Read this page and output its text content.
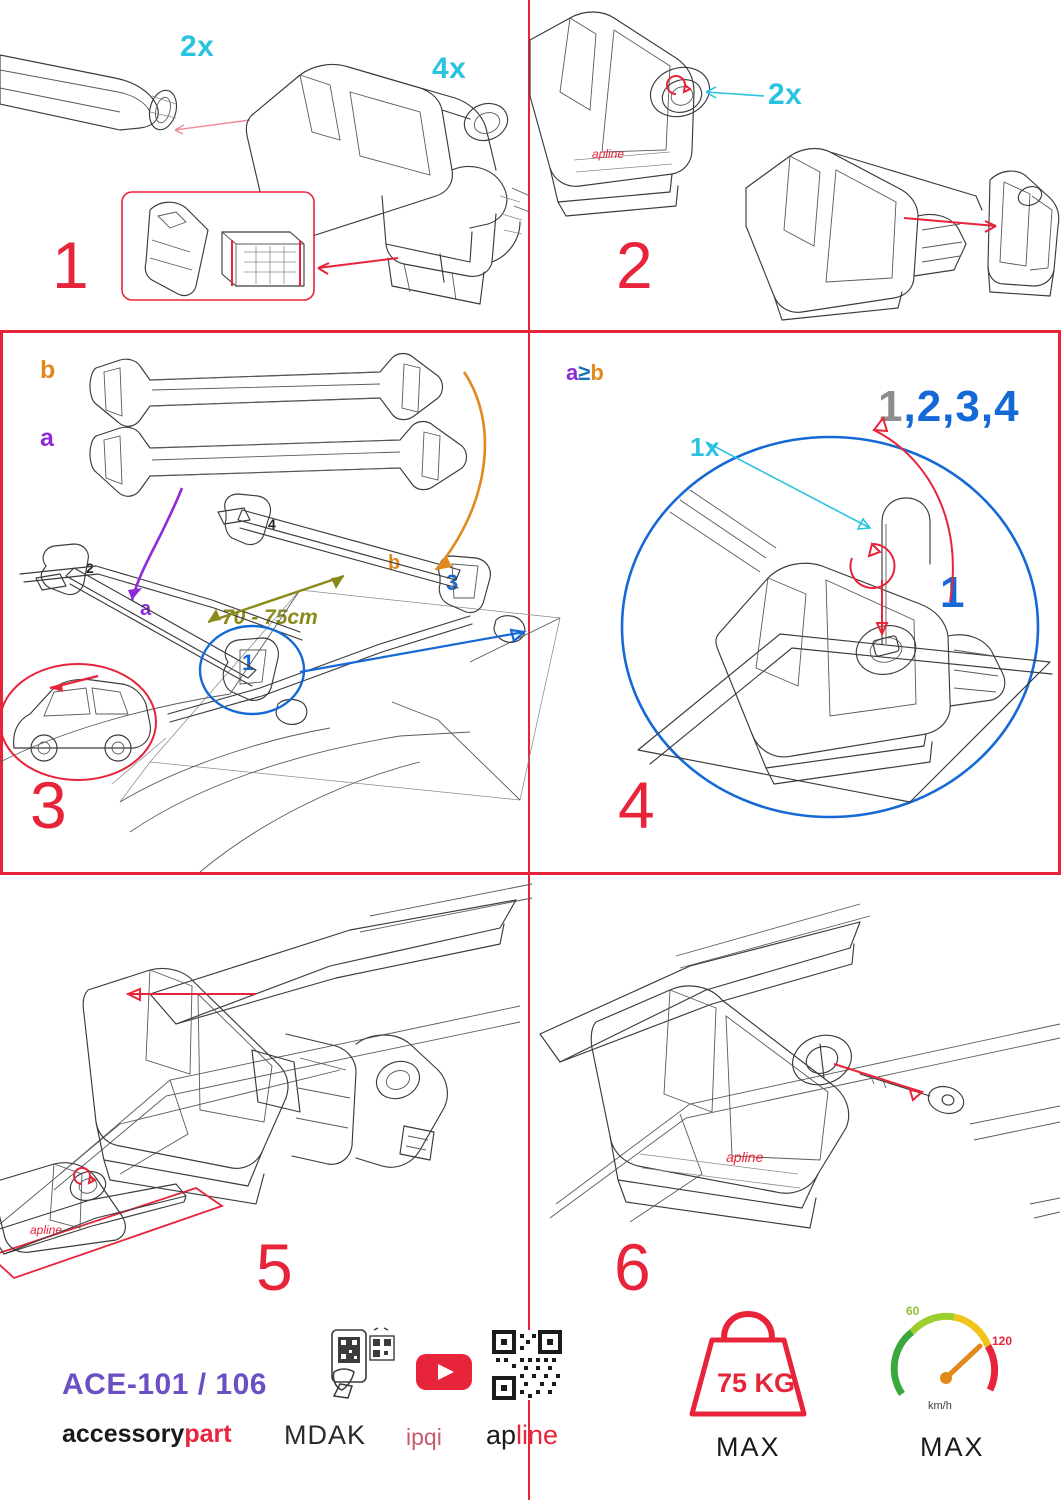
1
2x
4x
2
2x
apline
3
b
a
a
b
70 - 75cm
1
2
3
4
4
a≥b
1x
1,2,3,4
1
5
apline	6
apline
ACE-101 / 106
accessorypart MDAK ipqi apline
75 KG
MAX
60
120
km/h
MAX
